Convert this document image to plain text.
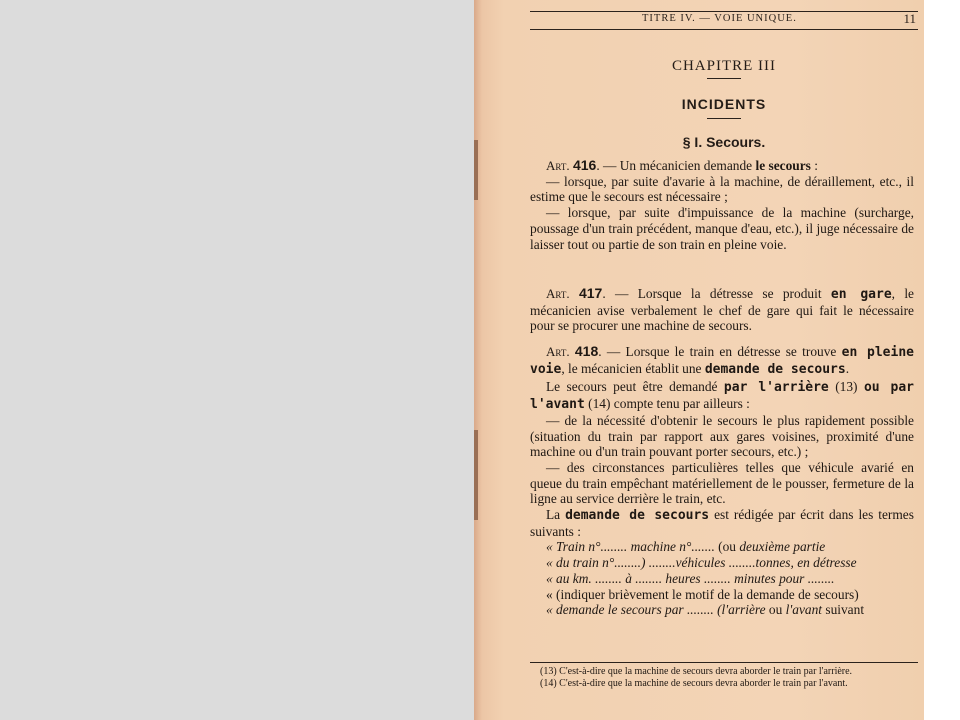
TITRE IV. — VOIE UNIQUE.	11
CHAPITRE III
INCIDENTS
§ I. Secours.

Art. 416. — Un mécanicien demande le secours :

— lorsque, par suite d'avarie à la machine, de déraillement, etc., il estime que le secours est nécessaire ;

— lorsque, par suite d'impuissance de la machine (surcharge, poussage d'un train précédent, manque d'eau, etc.), il juge nécessaire de laisser tout ou partie de son train en pleine voie.

Art. 417. — Lorsque la détresse se produit en gare, le mécanicien avise verbalement le chef de gare qui fait le nécessaire pour se procurer une machine de secours.

Art. 418. — Lorsque le train en détresse se trouve en pleine voie, le mécanicien établit une demande de secours.

Le secours peut être demandé par l'arrière (13) ou par l'avant (14) compte tenu par ailleurs :

— de la nécessité d'obtenir le secours le plus rapidement possible (situation du train par rapport aux gares voisines, proximité d'une machine ou d'un train pouvant porter secours, etc.) ;

— des circonstances particulières telles que véhicule avarié en queue du train empêchant matériellement de le pousser, fermeture de la ligne au service derrière le train, etc.

La demande de secours est rédigée par écrit dans les termes suivants :

« Train n°........ machine n°....... (ou deuxième partie

« du train n°........) ........véhicules ........tonnes, en détresse

« au km. ........ à ........ heures ........ minutes pour ........

« (indiquer brièvement le motif de la demande de secours)

« demande le secours par ........ (l'arrière ou l'avant suivant

(13) C'est-à-dire que la machine de secours devra aborder le train par l'arrière.

(14) C'est-à-dire que la machine de secours devra aborder le train par l'avant.
